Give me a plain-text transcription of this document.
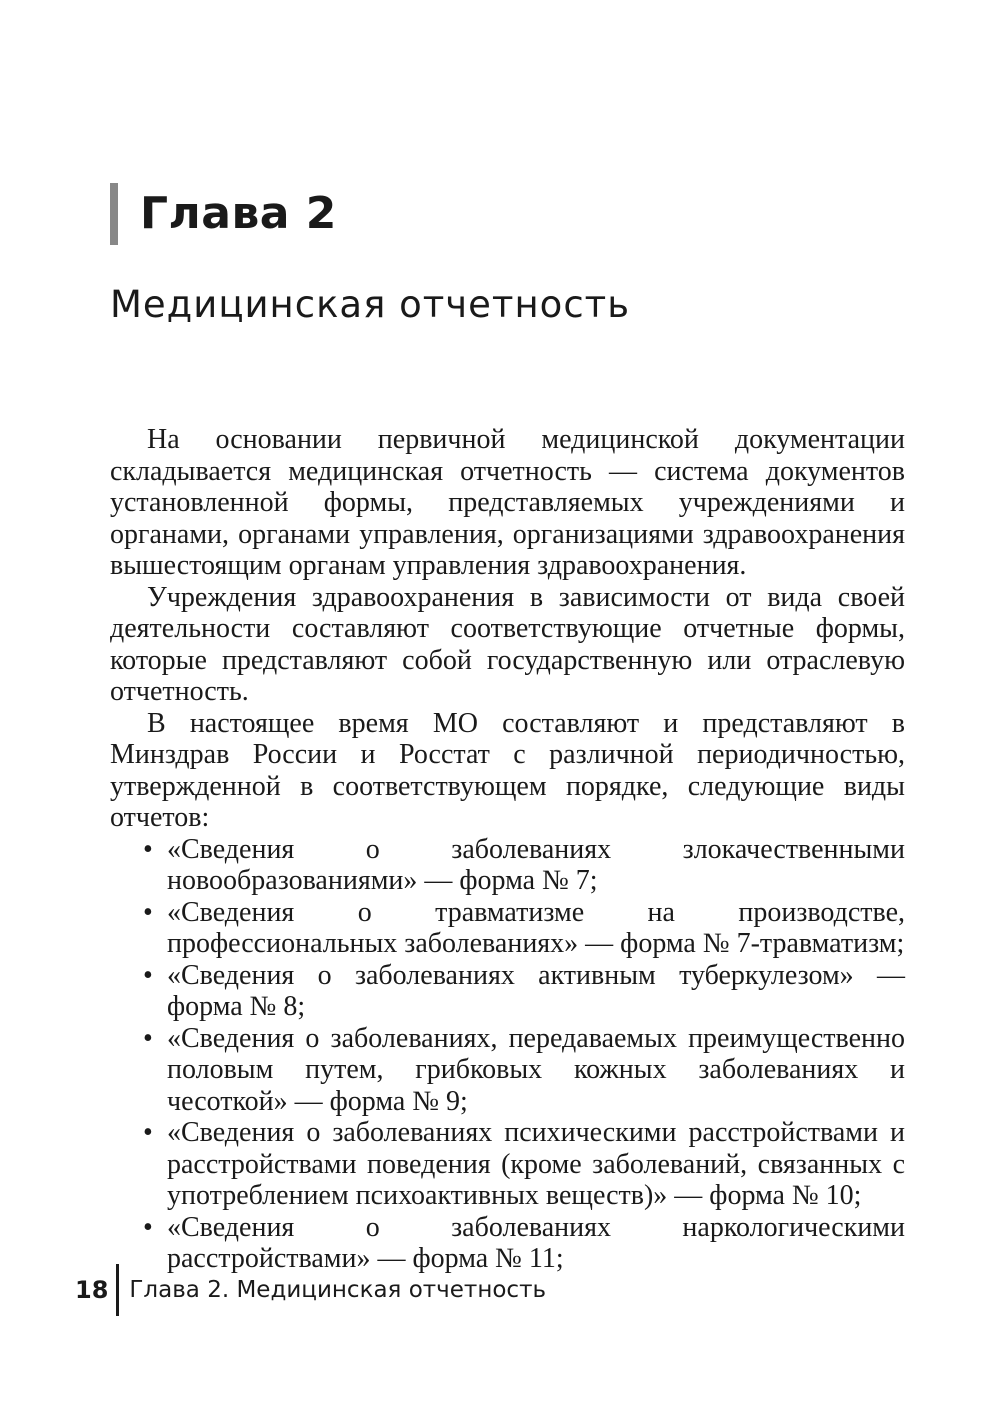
Глава 2
Медицинская отчетность

На основании первичной медицинской документации складывается медицинская отчетность — система документов установленной формы, представляемых учреждениями и органами, органами управления, организациями здравоохранения вышестоящим органам управления здравоохранения.

Учреждения здравоохранения в зависимости от вида своей деятельности составляют соответствующие отчетные формы, которые представляют собой государственную или отраслевую отчетность.

В настоящее время МО составляют и представляют в Минздрав России и Росстат с различной периодичностью, утвержденной в соответствующем порядке, следующие виды отчетов:

• «Сведения о заболеваниях злокачественными новообразованиями» — форма № 7;
• «Сведения о травматизме на производстве, профессиональных заболеваниях» — форма № 7-травматизм;
• «Сведения о заболеваниях активным туберкулезом» — форма № 8;
• «Сведения о заболеваниях, передаваемых преимущественно половым путем, грибковых кожных заболеваниях и чесоткой» — форма № 9;
• «Сведения о заболеваниях психическими расстройствами и расстройствами поведения (кроме заболеваний, связанных с употреблением психоактивных веществ)» — форма № 10;
• «Сведения о заболеваниях наркологическими расстройствами» — форма № 11;
18 Глава 2. Медицинская отчетность
